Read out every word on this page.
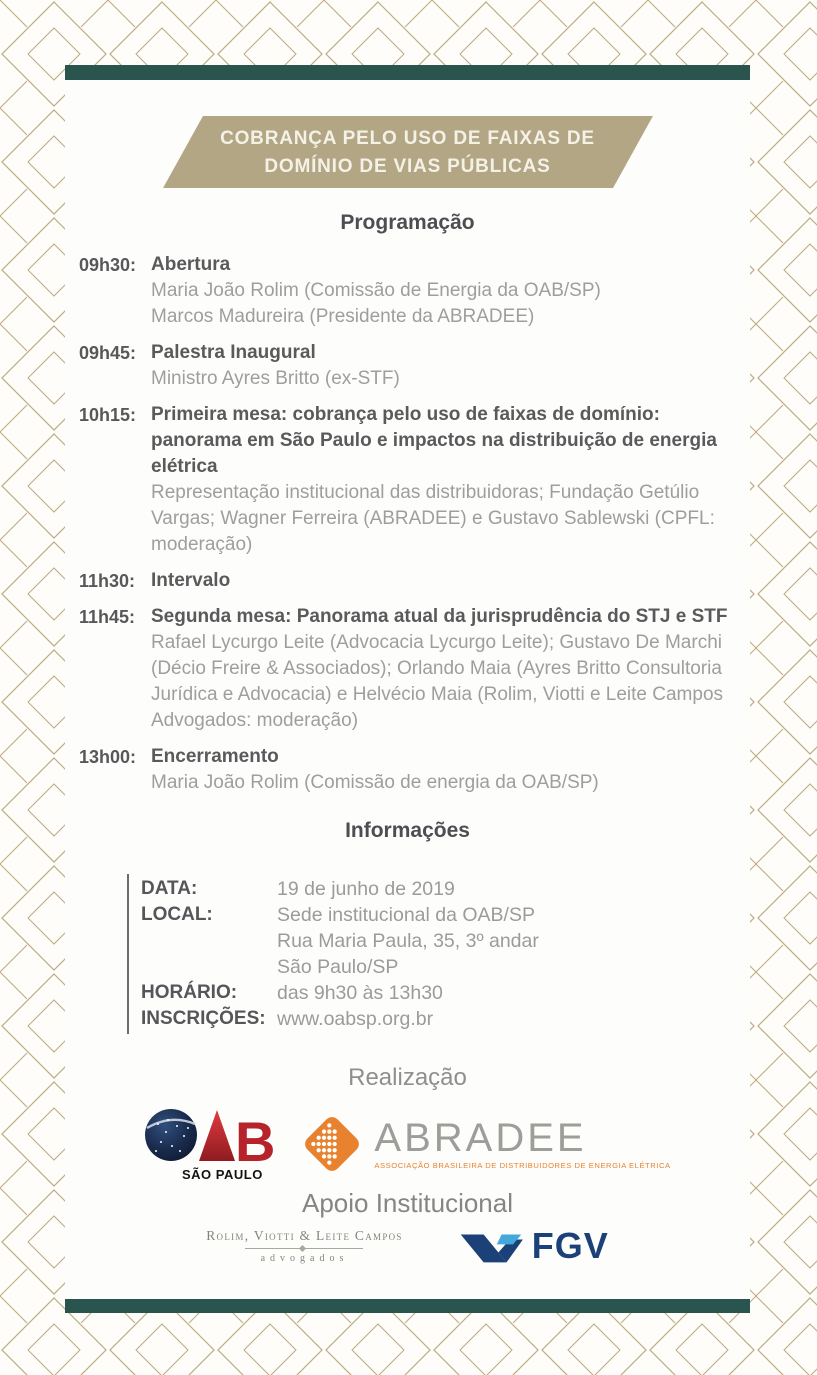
COBRANÇA PELO USO DE FAIXAS DE
DOMÍNIO DE VIAS PÚBLICAS
Programação
09h30: Abertura
Maria João Rolim (Comissão de Energia da OAB/SP)
Marcos Madureira (Presidente da ABRADEE)
09h45: Palestra Inaugural
Ministro Ayres Britto (ex-STF)
10h15: Primeira mesa: cobrança pelo uso de faixas de domínio: panorama em São Paulo e impactos na distribuição de energia elétrica
Representação institucional das distribuidoras; Fundação Getúlio Vargas; Wagner Ferreira (ABRADEE) e Gustavo Sablewski (CPFL: moderação)
11h30: Intervalo
11h45: Segunda mesa: Panorama atual da jurisprudência do STJ e STF
Rafael Lycurgo Leite (Advocacia Lycurgo Leite); Gustavo De Marchi (Décio Freire & Associados); Orlando Maia (Ayres Britto Consultoria Jurídica e Advocacia) e Helvécio Maia (Rolim, Viotti e Leite Campos Advogados: moderação)
13h00: Encerramento
Maria João Rolim (Comissão de energia da OAB/SP)
Informações
DATA:	19 de junho de 2019
LOCAL:	Sede institucional da OAB/SP
Rua Maria Paula, 35, 3º andar
São Paulo/SP
HORÁRIO:	das 9h30 às 13h30
INSCRIÇÕES: www.oabsp.org.br
Realização
B
SÃO PAULO
ABRADEE
ASSOCIAÇÃO BRASILEIRA DE DISTRIBUIDORES DE ENERGIA ELÉTRICA
Apoio Institucional
Rolim, Viotti & Leite Campos
advogados	FGV
